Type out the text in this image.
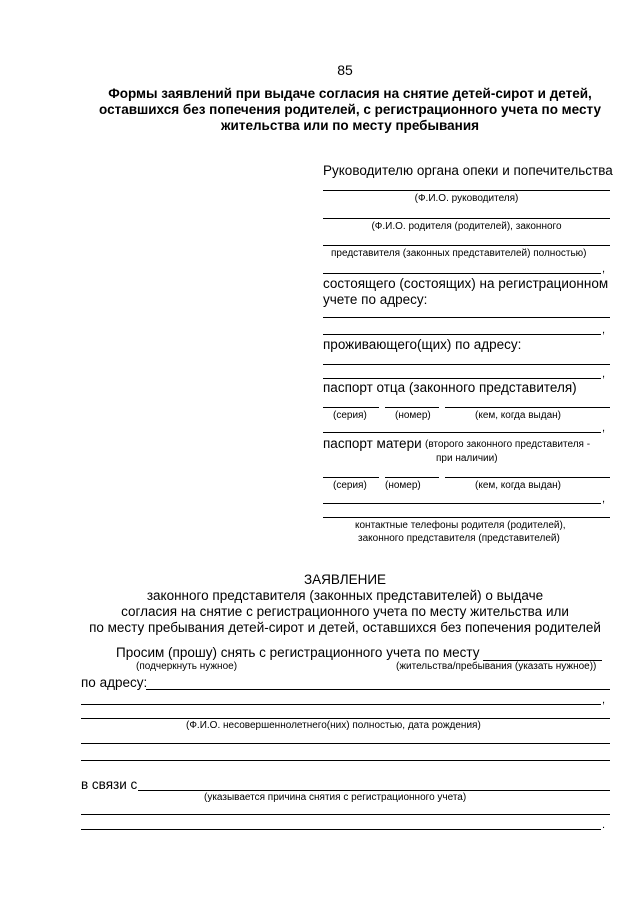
85
Формы заявлений при выдаче согласия на снятие детей-сирот и детей, оставшихся без попечения родителей, с регистрационного учета по месту жительства или по месту пребывания
Руководителю органа опеки и попечительства
(Ф.И.О. руководителя)
(Ф.И.О. родителя (родителей), законного
представителя (законных представителей) полностью)
,
состоящего (состоящих) на регистрационном
учете по адресу:
,
проживающего(щих) по адресу:
,
паспорт отца (законного представителя)
(серия)	(номер)	(кем, когда выдан)
,
паспорт матери (второго законного представителя -
при наличии)
(серия) (номер)	(кем, когда выдан)
,
контактные телефоны родителя (родителей),
законного представителя (представителей)
ЗАЯВЛЕНИЕ
законного представителя (законных представителей) о выдаче
согласия на снятие с регистрационного учета по месту жительства или
по месту пребывания детей-сирот и детей, оставшихся без попечения родителей
Просим (прошу) снять с регистрационного учета по месту
(подчеркнуть нужное)	(жительства/пребывания (указать нужное))
по адресу:
,
(Ф.И.О. несовершеннолетнего(них) полностью, дата рождения)
в связи с
(указывается причина снятия с регистрационного учета)
.
